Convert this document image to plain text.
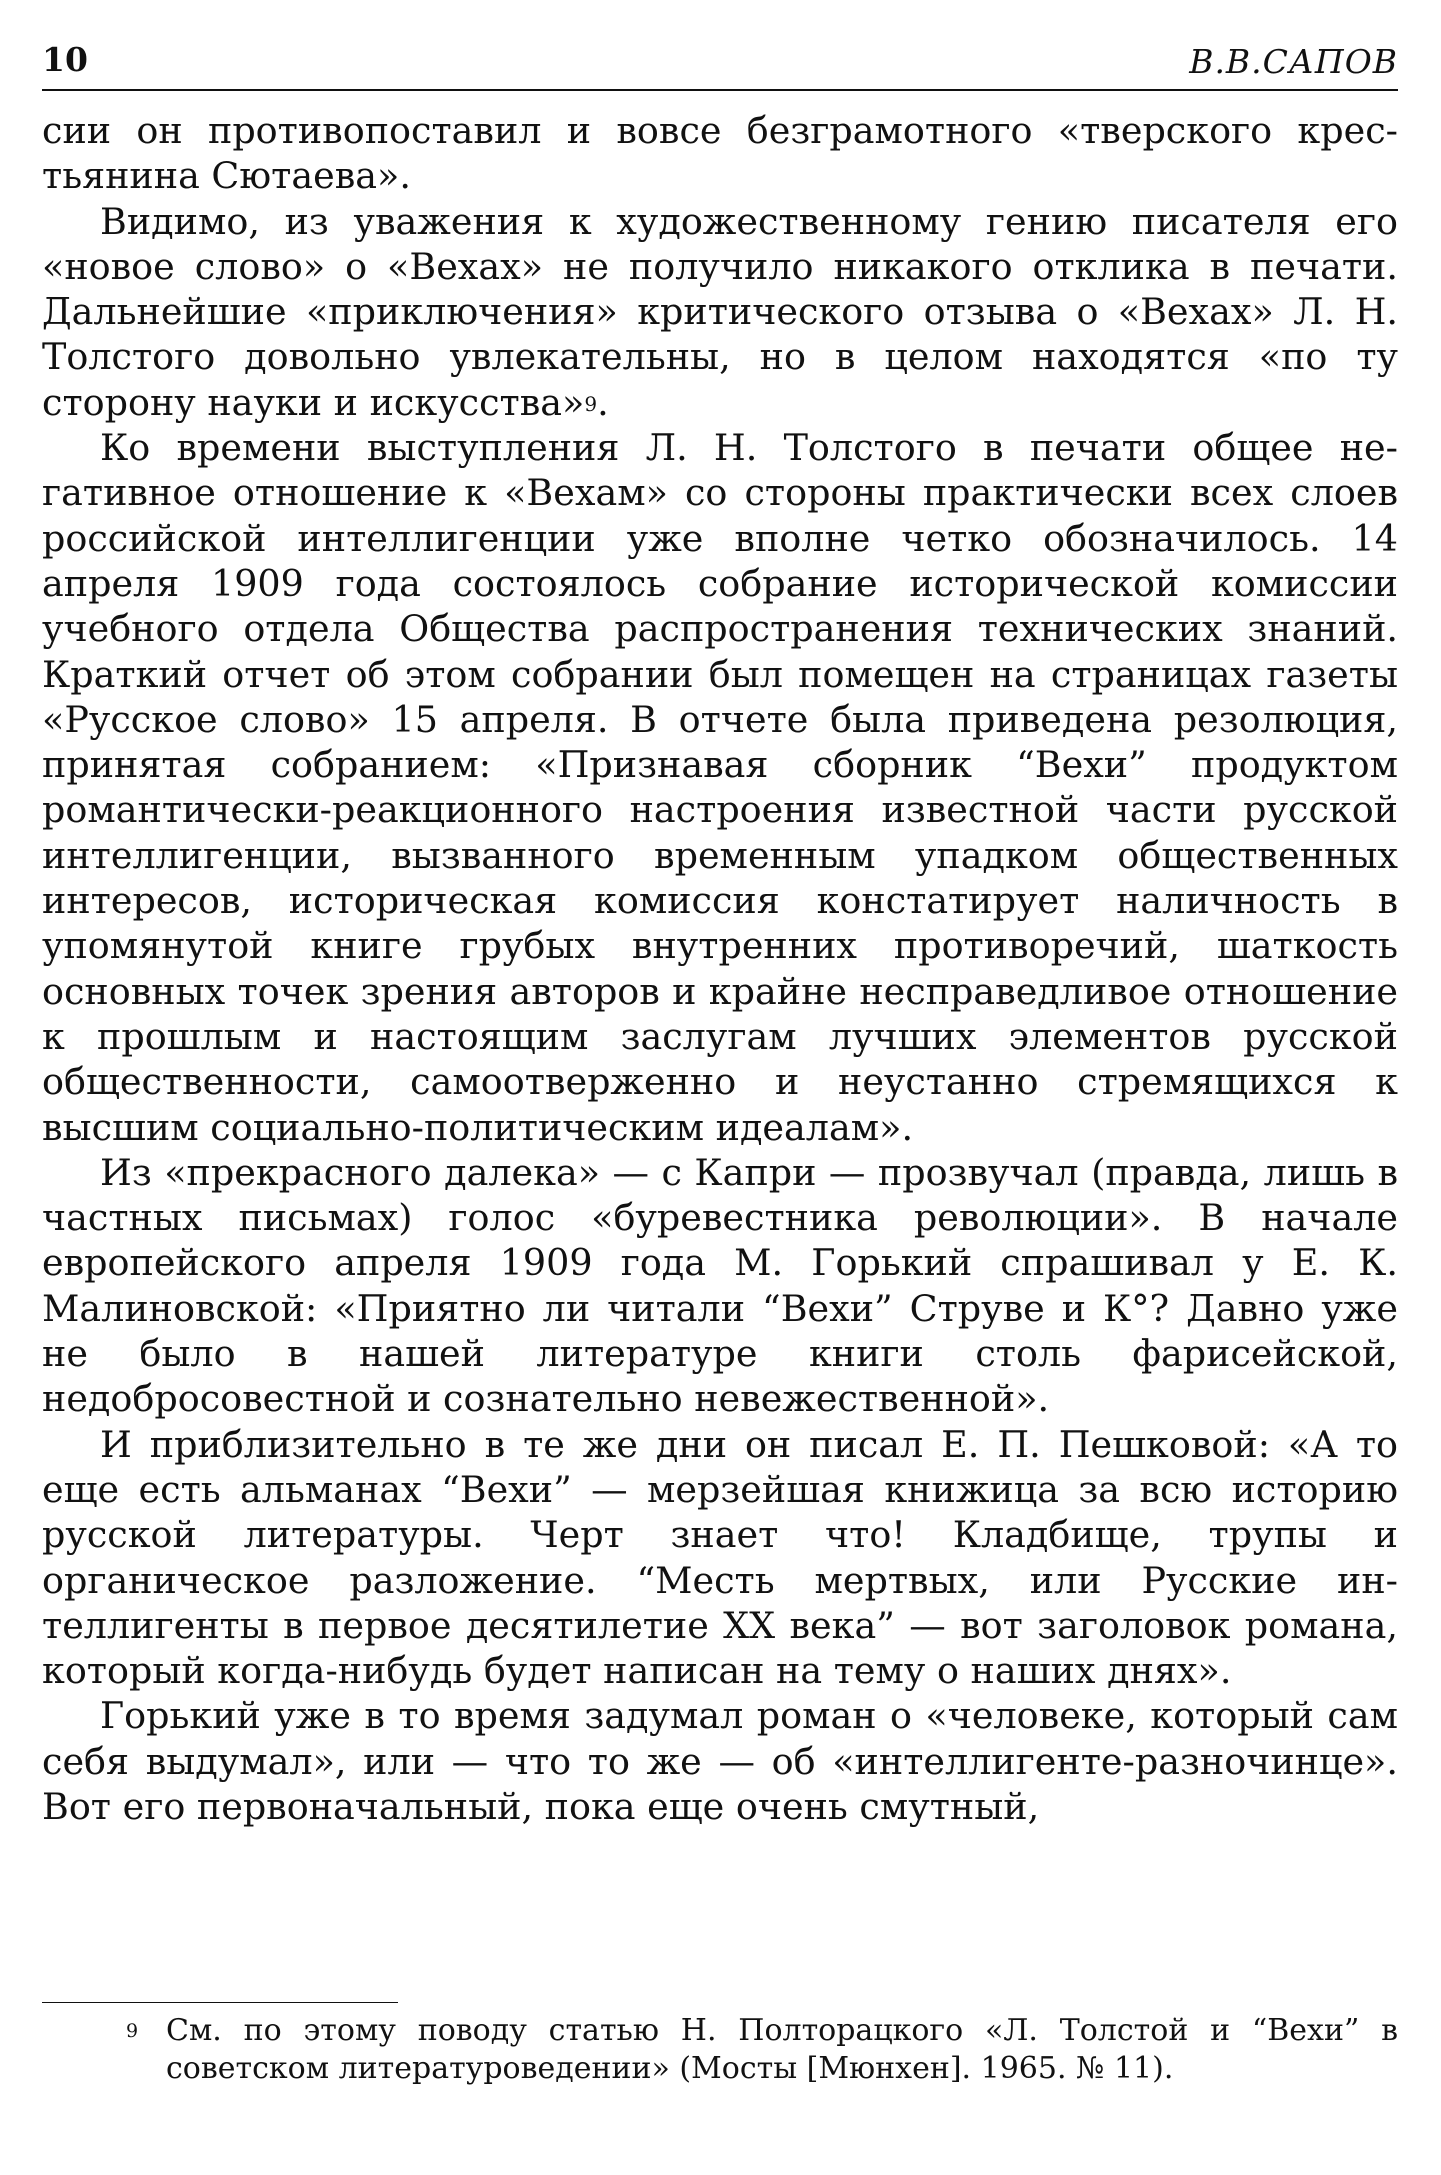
10	В.В.САПОВ

сии он противопоставил и вовсе безграмотного «тверского крестьянина Сютаева».

Видимо, из уважения к художественному гению писателя его «новое слово» о «Вехах» не получило никакого отклика в печати. Дальнейшие «приключения» критического отзыва о «Вехах» Л. Н. Толстого довольно увлекательны, но в целом находятся «по ту сторону науки и искусства»$^9$.

Ко времени выступления Л. Н. Толстого в печати общее негативное отношение к «Вехам» со стороны практически всех слоев российской интеллигенции уже вполне четко обозначилось. 14 апреля 1909 года состоялось собрание исторической комиссии учебного отдела Общества распространения технических знаний. Краткий отчет об этом собрании был помещен на страницах газеты «Русское слово» 15 апреля. В отчете была приведена резолюция, принятая собранием: «Признавая сборник “Вехи” продуктом романтически-реакционного настроения известной части русской интеллигенции, вызванного временным упадком общественных интересов, историческая комиссия констатирует наличность в упомянутой книге грубых внутренних противоречий, шаткость основных точек зрения авторов и крайне несправедливое отношение к прошлым и настоящим заслугам лучших элементов русской общественности, самоотверженно и неустанно стремящихся к высшим социально-политическим идеалам».

Из «прекрасного далека» — с Капри — прозвучал (правда, лишь в частных письмах) голос «буревестника революции». В начале европейского апреля 1909 года М. Горький спрашивал у Е. К. Малиновской: «Приятно ли читали “Вехи” Струве и К°? Давно уже не было в нашей литературе книги столь фарисейской, недобросовестной и сознательно невежественной».

И приблизительно в те же дни он писал Е. П. Пешковой: «А то еще есть альманах “Вехи” — мерзейшая книжица за всю историю русской литературы. Черт знает что! Кладбище, трупы и органическое разложение. “Месть мертвых, или Русские интеллигенты в первое десятилетие XX века” — вот заголовок романа, который когда-нибудь будет написан на тему о наших днях».

Горький уже в то время задумал роман о «человеке, который сам себя выдумал», или — что то же — об «интеллигенте-разночинце». Вот его первоначальный, пока еще очень смутный,

9 См. по этому поводу статью Н. Полторацкого «Л. Толстой и “Вехи” в советском литературоведении» (Мосты [Мюнхен]. 1965. № 11).
